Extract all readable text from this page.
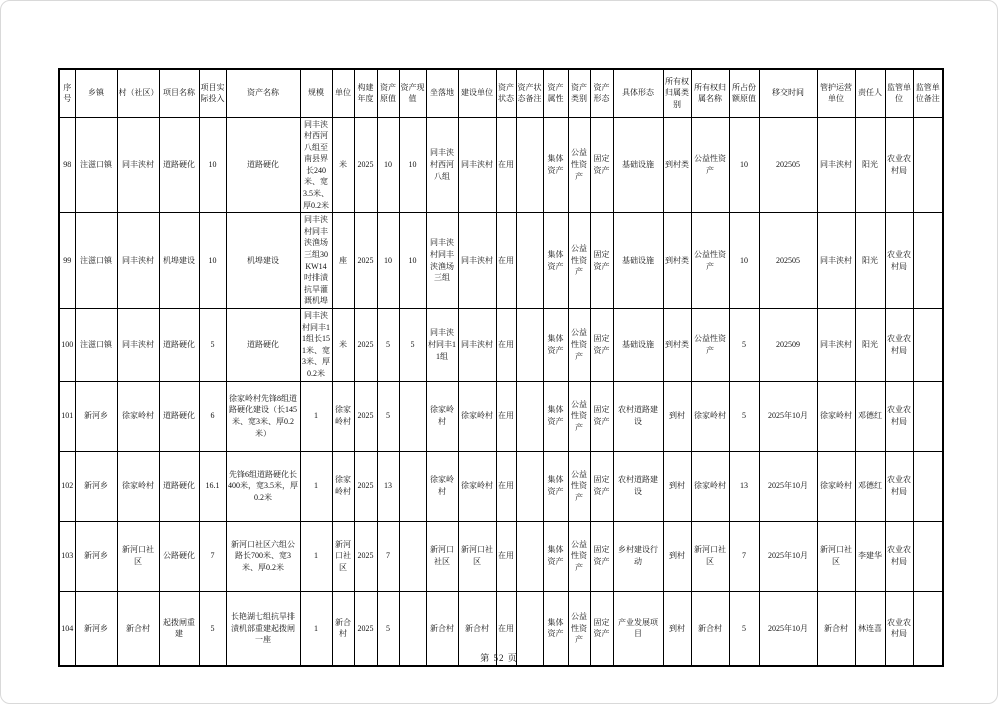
序号	乡镇	村（社区）	项目名称	项目实际投入	资产名称	规模	单位	构建年度	资产原值	资产现值	坐落地	建设单位	资产状态	资产状态备注	资产属性	资产类别	资产形态	具体形态	所有权归属类别	所有权归属名称	所占份额原值	移交时间	管护运营单位	责任人	监管单位	监管单位备注
98	注滋口镇	同丰浃村	道路硬化	10	道路硬化	同丰浃村西河八组至南县界长240米、宽3.5米、厚0.2米	米	2025	10	10	同丰浃村西河八组	同丰浃村	在用		集体资产	公益性资产	固定资产	基础设施	到村类	公益性资产	10	202505	同丰浃村	阳光	农业农村局	
99	注滋口镇	同丰浃村	机埠建设	10	机埠建设	同丰浃村同丰浃渔场三组30KW14吋排渍抗旱灌溉机埠	座	2025	10	10	同丰浃村同丰浃渔场三组	同丰浃村	在用		集体资产	公益性资产	固定资产	基础设施	到村类	公益性资产	10	202505	同丰浃村	阳光	农业农村局	
100	注滋口镇	同丰浃村	道路硬化	5	道路硬化	同丰浃村同丰11组长151米、宽3米、厚0.2米	米	2025	5	5	同丰浃村同丰11组	同丰浃村	在用		集体资产	公益性资产	固定资产	基础设施	到村类	公益性资产	5	202509	同丰浃村	阳光	农业农村局	
101	新河乡	徐家岭村	道路硬化	6	徐家岭村先锋8组道路硬化建设（长145米、宽3米、厚0.2米）	1	徐家岭村	2025	5		徐家岭村	徐家岭村	在用		集体资产	公益性资产	固定资产	农村道路建设	到村	徐家岭村	5	2025年10月	徐家岭村	邓德红	农业农村局	
102	新河乡	徐家岭村	道路硬化	16.1	先锋6组道路硬化长400米，宽3.5米，厚0.2米	1	徐家岭村	2025	13		徐家岭村	徐家岭村	在用		集体资产	公益性资产	固定资产	农村道路建设	到村	徐家岭村	13	2025年10月	徐家岭村	邓德红	农业农村局	
103	新河乡	新河口社区	公路硬化	7	新河口社区六组公路长700米、宽3米、厚0.2米	1	新河口社区	2025	7		新河口社区	新河口社区	在用		集体资产	公益性资产	固定资产	乡村建设行动	到村	新河口社区	7	2025年10月	新河口社区	李建华	农业农村局	
104	新河乡	新合村	起拨闸重建	5	长艳湖七组抗旱排渍机部重建起拨闸一座	1	新合村	2025	5		新合村	新合村	在用		集体资产	公益性资产	固定资产	产业发展项目	到村	新合村	5	2025年10月	新合村	林连喜	农业农村局	
第 52 页
